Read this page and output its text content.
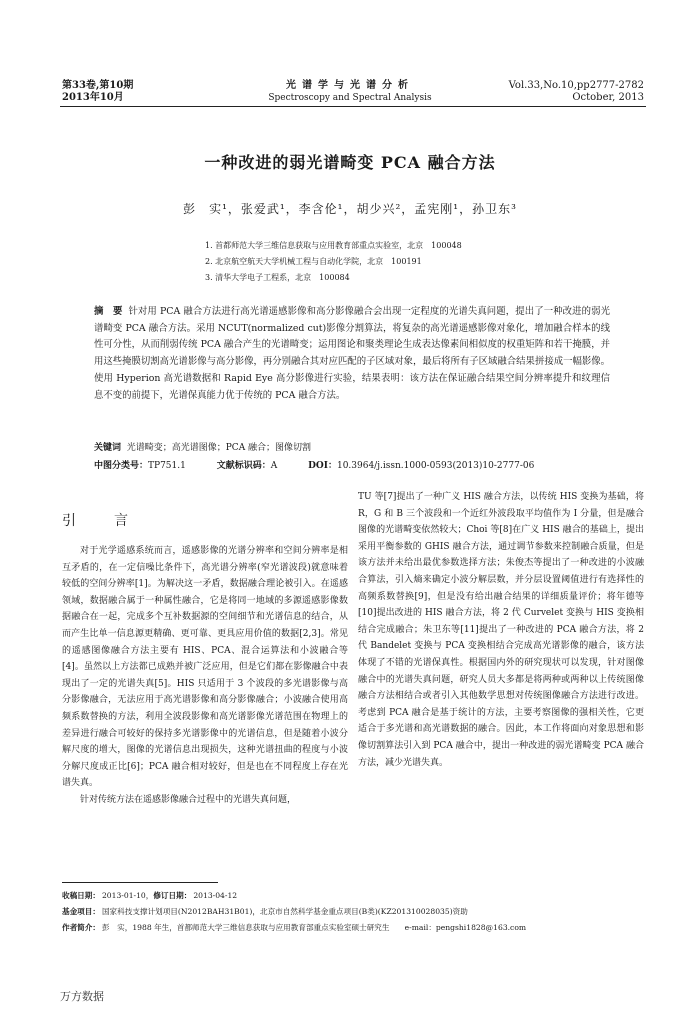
第33卷,第10期
2013年10月
光谱学与光谱分析
Spectroscopy and Spectral Analysis
Vol.33,No.10,pp2777-2782
October, 2013
一种改进的弱光谱畸变 PCA 融合方法
彭　实¹，张爱武¹，李含伦¹，胡少兴²，孟宪刚¹，孙卫东³
1. 首都师范大学三维信息获取与应用教育部重点实验室，北京　100048
2. 北京航空航天大学机械工程与自动化学院，北京　100191
3. 清华大学电子工程系，北京　100084
摘　要 针对用 PCA 融合方法进行高光谱遥感影像和高分影像融合会出现一定程度的光谱失真问题，提出了一种改进的弱光谱畸变 PCA 融合方法。采用 NCUT(normalized cut)影像分割算法，将复杂的高光谱遥感影像对象化，增加融合样本的线性可分性，从而削弱传统 PCA 融合产生的光谱畸变；运用图论和聚类理论生成表达像素间相似度的权重矩阵和若干掩膜，并用这些掩膜切割高光谱影像与高分影像，再分别融合其对应匹配的子区域对象，最后将所有子区域融合结果拼接成一幅影像。使用 Hyperion 高光谱数据和 Rapid Eye 高分影像进行实验，结果表明：该方法在保证融合结果空间分辨率提升和纹理信息不变的前提下，光谱保真能力优于传统的 PCA 融合方法。
关键词 光谱畸变；高光谱图像；PCA 融合；图像切割
中图分类号：TP751.1	文献标识码：A	DOI：10.3964/j.issn.1000-0593(2013)10-2777-06
引　言

对于光学遥感系统而言，遥感影像的光谱分辨率和空间分辨率是相互矛盾的，在一定信噪比条件下，高光谱分辨率(窄光谱波段)就意味着较低的空间分辨率[1]。为解决这一矛盾，数据融合理论被引入。在遥感领域，数据融合属于一种属性融合，它是将同一地域的多源遥感影像数据融合在一起，完成多个互补数据源的空间细节和光谱信息的结合，从而产生比单一信息源更精确、更可靠、更具应用价值的数据[2,3]。常见的遥感图像融合方法主要有 HIS、PCA、混合运算法和小波融合等[4]。虽然以上方法都已成熟并被广泛应用，但是它们都在影像融合中表现出了一定的光谱失真[5]。HIS 只适用于 3 个波段的多光谱影像与高分影像融合，无法应用于高光谱影像和高分影像融合；小波融合使用高频系数替换的方法，利用全波段影像和高光谱影像光谱范围在物理上的差异进行融合可较好的保持多光谱影像中的光谱信息，但是随着小波分解尺度的增大，图像的光谱信息出现损失，这种光谱扭曲的程度与小波分解尺度成正比[6]；PCA 融合相对较好，但是也在不同程度上存在光谱失真。

针对传统方法在遥感影像融合过程中的光谱失真问题，

TU 等[7]提出了一种广义 HIS 融合方法，以传统 HIS 变换为基础，将 R，G 和 B 三个波段和一个近红外波段取平均值作为 I 分量，但是融合图像的光谱畸变依然较大；Choi 等[8]在广义 HIS 融合的基础上，提出采用平衡参数的 GHIS 融合方法，通过调节参数来控制融合质量，但是该方法并未给出最优参数选择方法；朱俊杰等提出了一种改进的小波融合算法，引入熵来确定小波分解层数，并分层设置阈值进行有选择性的高频系数替换[9]，但是没有给出融合结果的详细质量评价；将年德等[10]提出改进的 HIS 融合方法，将 2 代 Curvelet 变换与 HIS 变换相结合完成融合；朱卫东等[11]提出了一种改进的 PCA 融合方法，将 2 代 Bandelet 变换与 PCA 变换相结合完成高光谱影像的融合，该方法体现了不错的光谱保真性。根据国内外的研究现状可以发现，针对图像融合中的光谱失真问题，研究人员大多都是将两种或两种以上传统图像融合方法相结合或者引入其他数学思想对传统图像融合方法进行改进。考虑到 PCA 融合是基于统计的方法，主要考察图像的强相关性，它更适合于多光谱和高光谱数据的融合。因此，本工作将面向对象思想和影像切割算法引入到 PCA 融合中，提出一种改进的弱光谱畸变 PCA 融合方法，减少光谱失真。

收稿日期： 2013-01-10，修订日期： 2013-04-12
基金项目： 国家科技支撑计划项目(N2012BAH31B01)，北京市自然科学基金重点项目(B类)(KZ201310028035)资助
作者简介： 彭　实，1988 年生，首都师范大学三维信息获取与应用教育部重点实验室硕士研究生　　e-mail：pengshi1828@163.com
万方数据
